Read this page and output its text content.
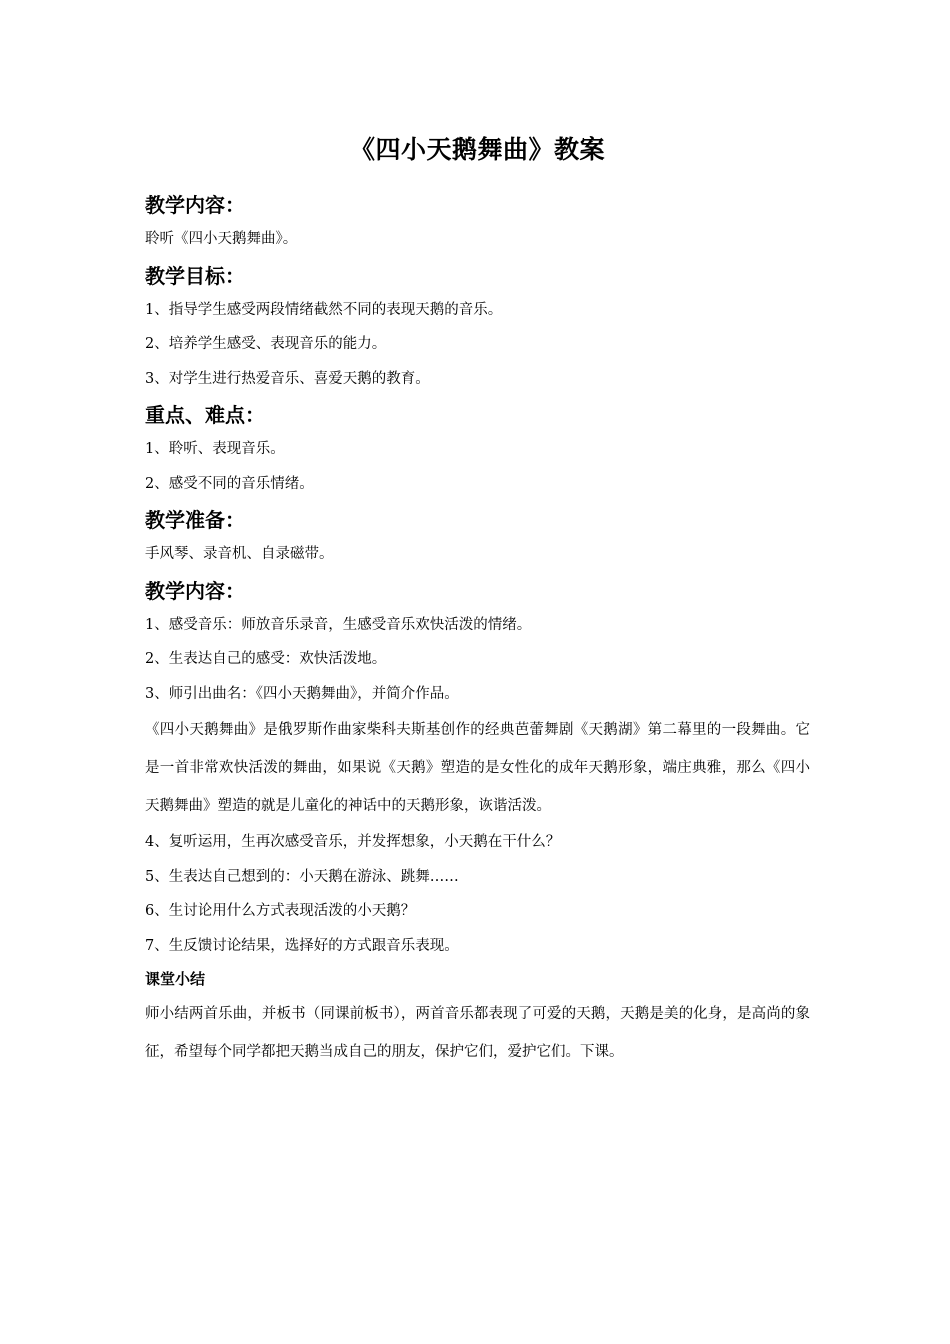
《四小天鹅舞曲》教案
教学内容：
聆听《四小天鹅舞曲》。
教学目标：
1、指导学生感受两段情绪截然不同的表现天鹅的音乐。
2、培养学生感受、表现音乐的能力。
3、对学生进行热爱音乐、喜爱天鹅的教育。
重点、难点：
1、聆听、表现音乐。
2、感受不同的音乐情绪。
教学准备：
手风琴、录音机、自录磁带。
教学内容：
1、感受音乐：师放音乐录音，生感受音乐欢快活泼的情绪。
2、生表达自己的感受：欢快活泼地。
3、师引出曲名：《四小天鹅舞曲》，并简介作品。
《四小天鹅舞曲》是俄罗斯作曲家柴科夫斯基创作的经典芭蕾舞剧《天鹅湖》第二幕里的一段舞曲。它是一首非常欢快活泼的舞曲，如果说《天鹅》塑造的是女性化的成年天鹅形象，端庄典雅，那么《四小天鹅舞曲》塑造的就是儿童化的神话中的天鹅形象，诙谐活泼。
4、复听运用，生再次感受音乐，并发挥想象，小天鹅在干什么？
5、生表达自己想到的：小天鹅在游泳、跳舞……
6、生讨论用什么方式表现活泼的小天鹅？
7、生反馈讨论结果，选择好的方式跟音乐表现。
课堂小结
师小结两首乐曲，并板书（同课前板书），两首音乐都表现了可爱的天鹅，天鹅是美的化身，是高尚的象征，希望每个同学都把天鹅当成自己的朋友，保护它们，爱护它们。下课。
